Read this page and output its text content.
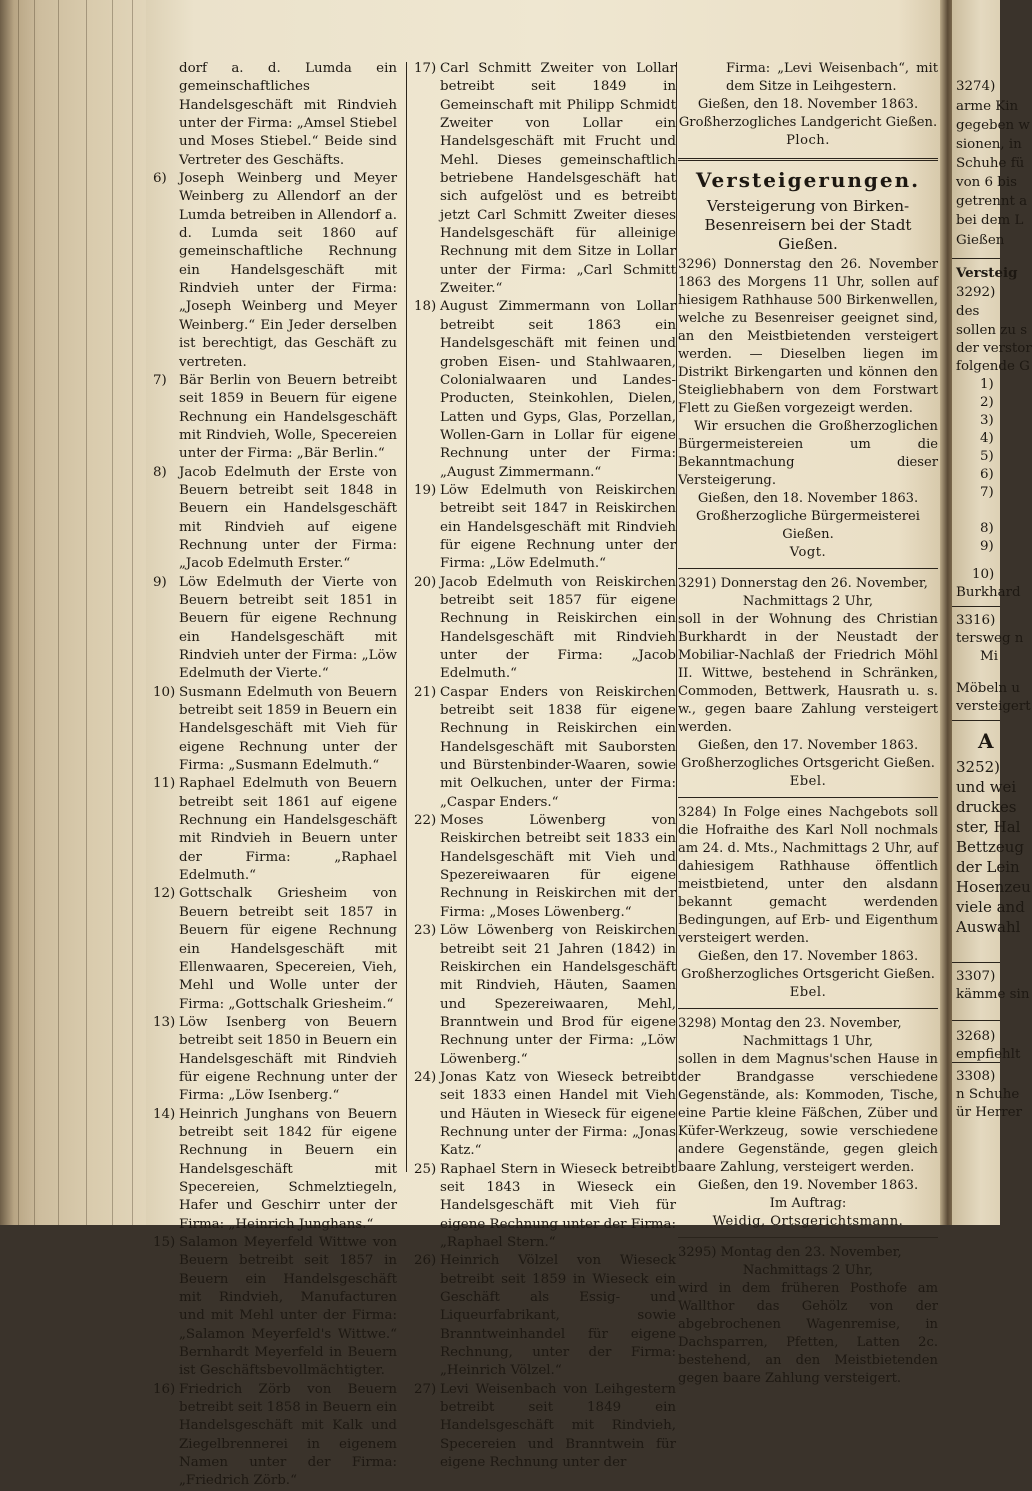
dorf a. d. Lumda ein gemeinschaftliches Handelsgeschäft mit Rindvieh unter der Firma: „Amsel Stiebel und Moses Stiebel.“ Beide sind Vertreter des Geschäfts.

6) Joseph Weinberg und Meyer Weinberg zu Allendorf an der Lumda betreiben in Allendorf a. d. Lumda seit 1860 auf gemeinschaftliche Rechnung ein Handelsgeschäft mit Rindvieh unter der Firma: „Joseph Weinberg und Meyer Weinberg.“ Ein Jeder derselben ist berechtigt, das Geschäft zu vertreten.

7) Bär Berlin von Beuern betreibt seit 1859 in Beuern für eigene Rechnung ein Handelsgeschäft mit Rindvieh, Wolle, Specereien unter der Firma: „Bär Berlin.“

8) Jacob Edelmuth der Erste von Beuern betreibt seit 1848 in Beuern ein Handelsgeschäft mit Rindvieh auf eigene Rechnung unter der Firma: „Jacob Edelmuth Erster.“

9) Löw Edelmuth der Vierte von Beuern betreibt seit 1851 in Beuern für eigene Rechnung ein Handelsgeschäft mit Rindvieh unter der Firma: „Löw Edelmuth der Vierte.“

10) Susmann Edelmuth von Beuern betreibt seit 1859 in Beuern ein Handelsgeschäft mit Vieh für eigene Rechnung unter der Firma: „Susmann Edelmuth.“

11) Raphael Edelmuth von Beuern betreibt seit 1861 auf eigene Rechnung ein Handelsgeschäft mit Rindvieh in Beuern unter der Firma: „Raphael Edelmuth.“

12) Gottschalk Griesheim von Beuern betreibt seit 1857 in Beuern für eigene Rechnung ein Handelsgeschäft mit Ellenwaaren, Specereien, Vieh, Mehl und Wolle unter der Firma: „Gottschalk Griesheim.“

13) Löw Isenberg von Beuern betreibt seit 1850 in Beuern ein Handelsgeschäft mit Rindvieh für eigene Rechnung unter der Firma: „Löw Isenberg.“

14) Heinrich Junghans von Beuern betreibt seit 1842 für eigene Rechnung in Beuern ein Handelsgeschäft mit Specereien, Schmelztiegeln, Hafer und Geschirr unter der Firma: „Heinrich Junghans.“

15) Salamon Meyerfeld Wittwe von Beuern betreibt seit 1857 in Beuern ein Handelsgeschäft mit Rindvieh, Manufacturen und mit Mehl unter der Firma: „Salamon Meyerfeld's Wittwe.“ Bernhardt Meyerfeld in Beuern ist Geschäftsbevollmächtigter.

16) Friedrich Zörb von Beuern betreibt seit 1858 in Beuern ein Handelsgeschäft mit Kalk und Ziegelbrennerei in eigenem Namen unter der Firma: „Friedrich Zörb.“

17) Carl Schmitt Zweiter von Lollar betreibt seit 1849 in Gemeinschaft mit Philipp Schmidt Zweiter von Lollar ein Handelsgeschäft mit Frucht und Mehl. Dieses gemeinschaftlich betriebene Handelsgeschäft hat sich aufgelöst und es betreibt jetzt Carl Schmitt Zweiter dieses Handelsgeschäft für alleinige Rechnung mit dem Sitze in Lollar unter der Firma: „Carl Schmitt Zweiter.“

18) August Zimmermann von Lollar betreibt seit 1863 ein Handelsgeschäft mit feinen und groben Eisen- und Stahlwaaren, Colonialwaaren und Landes-Producten, Steinkohlen, Dielen, Latten und Gyps, Glas, Porzellan, Wollen-Garn in Lollar für eigene Rechnung unter der Firma: „August Zimmermann.“

19) Löw Edelmuth von Reiskirchen betreibt seit 1847 in Reiskirchen ein Handelsgeschäft mit Rindvieh für eigene Rechnung unter der Firma: „Löw Edelmuth.“

20) Jacob Edelmuth von Reiskirchen betreibt seit 1857 für eigene Rechnung in Reiskirchen ein Handelsgeschäft mit Rindvieh unter der Firma: „Jacob Edelmuth.“

21) Caspar Enders von Reiskirchen betreibt seit 1838 für eigene Rechnung in Reiskirchen ein Handelsgeschäft mit Sauborsten und Bürstenbinder-Waaren, sowie mit Oelkuchen, unter der Firma: „Caspar Enders.“

22) Moses Löwenberg von Reiskirchen betreibt seit 1833 ein Handelsgeschäft mit Vieh und Spezereiwaaren für eigene Rechnung in Reiskirchen mit der Firma: „Moses Löwenberg.“

23) Löw Löwenberg von Reiskirchen betreibt seit 21 Jahren (1842) in Reiskirchen ein Handelsgeschäft mit Rindvieh, Häuten, Saamen und Spezereiwaaren, Mehl, Branntwein und Brod für eigene Rechnung unter der Firma: „Löw Löwenberg.“

24) Jonas Katz von Wieseck betreibt seit 1833 einen Handel mit Vieh und Häuten in Wieseck für eigene Rechnung unter der Firma: „Jonas Katz.“

25) Raphael Stern in Wieseck betreibt seit 1843 in Wieseck ein Handelsgeschäft mit Vieh für eigene Rechnung unter der Firma: „Raphael Stern.“

26) Heinrich Völzel von Wieseck betreibt seit 1859 in Wieseck ein Geschäft als Essig- und Liqueurfabrikant, sowie Branntweinhandel für eigene Rechnung, unter der Firma: „Heinrich Völzel.“

27) Levi Weisenbach von Leihgestern betreibt seit 1849 ein Handelsgeschäft mit Rindvieh, Specereien und Branntwein für eigene Rechnung unter der

Firma: „Levi Weisenbach“, mit dem Sitze in Leihgestern.

Gießen, den 18. November 1863.

Großherzogliches Landgericht Gießen.

Ploch.

Versteigerungen.

Versteigerung von Birken-Besenreisern bei der Stadt Gießen.

3296) Donnerstag den 26. November 1863 des Morgens 11 Uhr, sollen auf hiesigem Rathhause 500 Birkenwellen, welche zu Besenreiser geeignet sind, an den Meistbietenden versteigert werden. — Dieselben liegen im Distrikt Birkengarten und können den Steigliebhabern von dem Forstwart Flett zu Gießen vorgezeigt werden.

Wir ersuchen die Großherzoglichen Bürgermeistereien um die Bekanntmachung dieser Versteigerung.

Gießen, den 18. November 1863.

Großherzogliche Bürgermeisterei Gießen.

Vogt.

3291) Donnerstag den 26. November,

Nachmittags 2 Uhr,

soll in der Wohnung des Christian Burkhardt in der Neustadt der Mobiliar-Nachlaß der Friedrich Möhl II. Wittwe, bestehend in Schränken, Commoden, Bettwerk, Hausrath u. s. w., gegen baare Zahlung versteigert werden.

Gießen, den 17. November 1863.

Großherzogliches Ortsgericht Gießen.

Ebel.

3284) In Folge eines Nachgebots soll die Hofraithe des Karl Noll nochmals am 24. d. Mts., Nachmittags 2 Uhr, auf dahiesigem Rathhause öffentlich meistbietend, unter den alsdann bekannt gemacht werdenden Bedingungen, auf Erb- und Eigenthum versteigert werden.

Gießen, den 17. November 1863.

Großherzogliches Ortsgericht Gießen.

Ebel.

3298) Montag den 23. November,

Nachmittags 1 Uhr,

sollen in dem Magnus'schen Hause in der Brandgasse verschiedene Gegenstände, als: Kommoden, Tische, eine Partie kleine Fäßchen, Züber und Küfer-Werkzeug, sowie verschiedene andere Gegenstände, gegen gleich baare Zahlung, versteigert werden.

Gießen, den 19. November 1863.

Im Auftrag:

Weidig, Ortsgerichtsmann.

3295) Montag den 23. November,

Nachmittags 2 Uhr,

wird in dem früheren Posthofe am Wallthor das Gehölz von der abgebrochenen Wagenremise, in Dachsparren, Pfetten, Latten 2c. bestehend, an den Meistbietenden gegen baare Zahlung versteigert.

3274)
arme Kin
gegeben w
sionen, in
Schuhe fü
von 6 bis
getrennt a
bei dem L
Gießen
Versteig
3292)
des
sollen zu s
der verstor
folgende G
1)
2)
3)
4)
5)
6)
7)
8)
9)
10)
Burkhard
3316)
tersweg n
Mi
Möbeln u
versteigert
A
3252)
und wei
druckes
ster, Hal
Bettzeug
der Lein
Hosenzeu
viele and
Auswahl
3307)
kämme sin
3268)
empfiehlt
3308)
n Schuhe
ür Herrer
